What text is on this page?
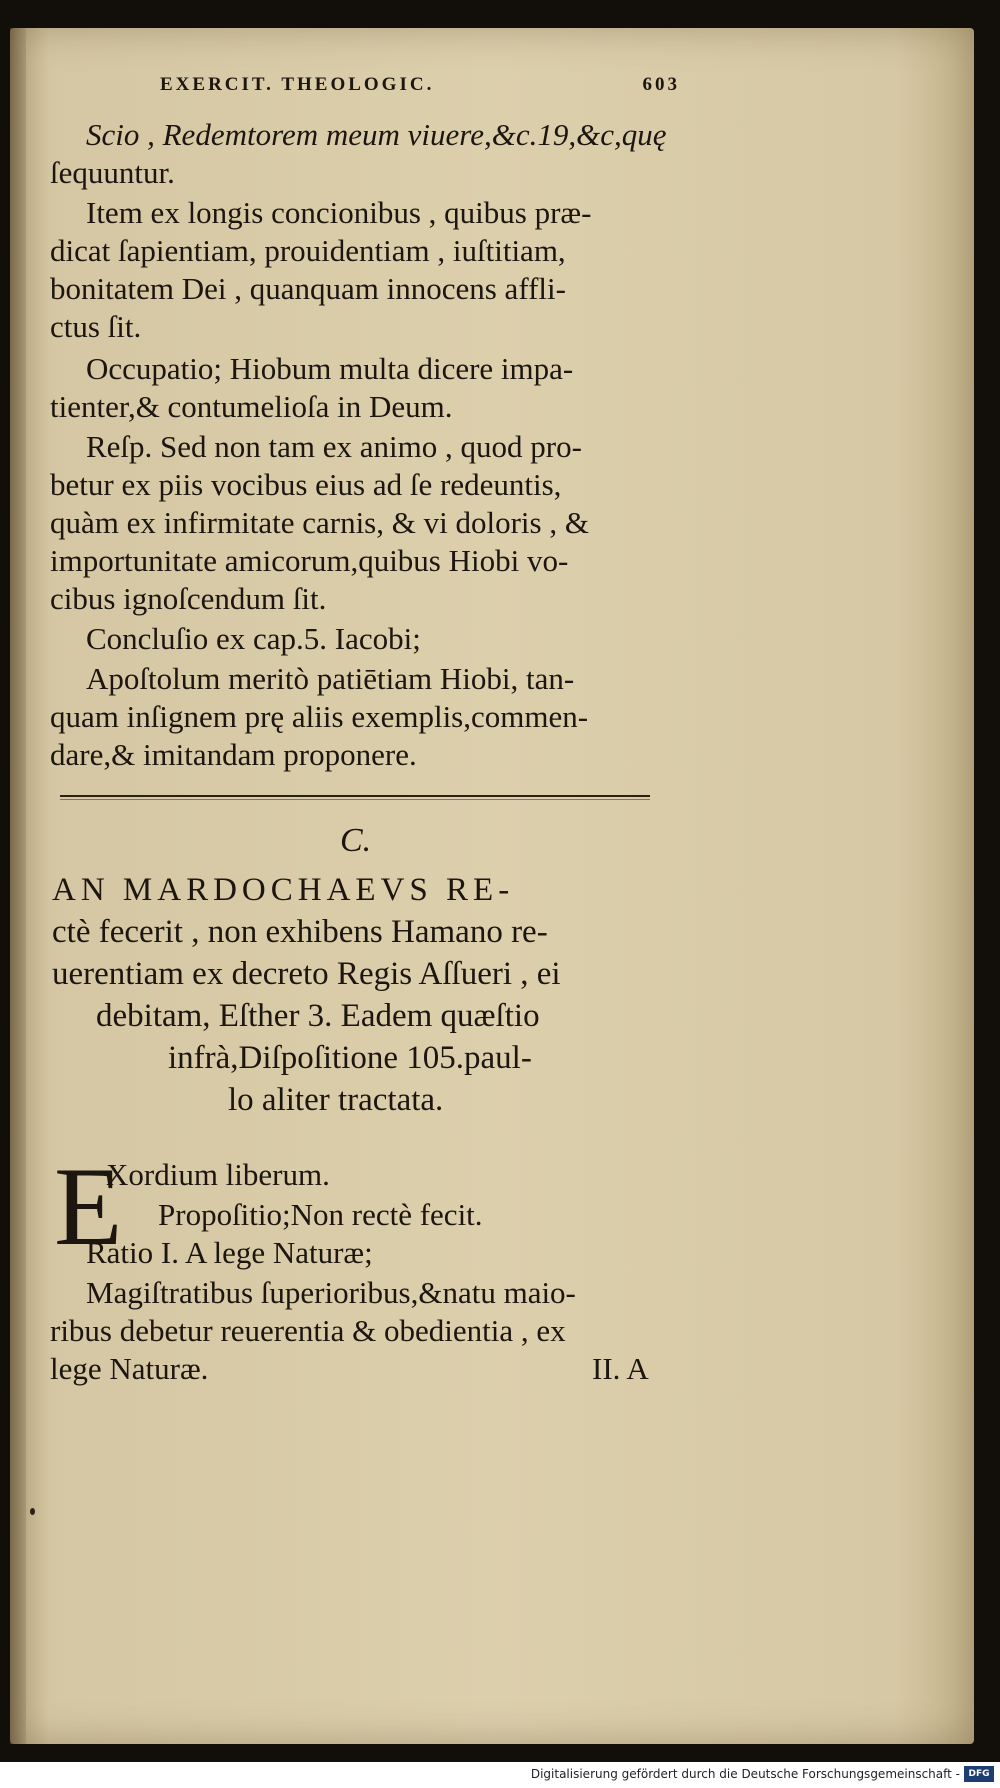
EXERCIT. THEOLOGIC.	603
Scio , Redemtorem meum viuere,&c.19,&c,quę
ſequuntur.
Item ex longis concionibus , quibus præ-
dicat ſapientiam, prouidentiam , iuſtitiam,
bonitatem Dei , quanquam innocens affli-
ctus ſit.
Occupatio; Hiobum multa dicere impa-
tienter,& contumelioſa in Deum.
Reſp. Sed non tam ex animo , quod pro-
betur ex piis vocibus eius ad ſe redeuntis,
quàm ex infirmitate carnis, & vi doloris , &
importunitate amicorum,quibus Hiobi vo-
cibus ignoſcendum ſit.
Concluſio ex cap.5. Iacobi;
Apoſtolum meritò patiētiam Hiobi, tan-
quam inſignem prę aliis exemplis,commen-
dare,& imitandam proponere.
C.
AN MARDOCHAEVS RE-
ctè fecerit , non exhibens Hamano re-
uerentiam ex decreto Regis Aſſueri , ei
debitam, Eſther 3. Eadem quæſtio
infrà,Diſpoſitione 105.paul-
lo aliter tractata.
E
Xordium liberum.
Propoſitio;Non rectè fecit.
Ratio I. A lege Naturæ;
Magiſtratibus ſuperioribus,&natu maio-
ribus debetur reuerentia & obedientia , ex
lege Naturæ.	II. A
Digitalisierung gefördert durch die Deutsche Forschungsgemeinschaft - DFG
